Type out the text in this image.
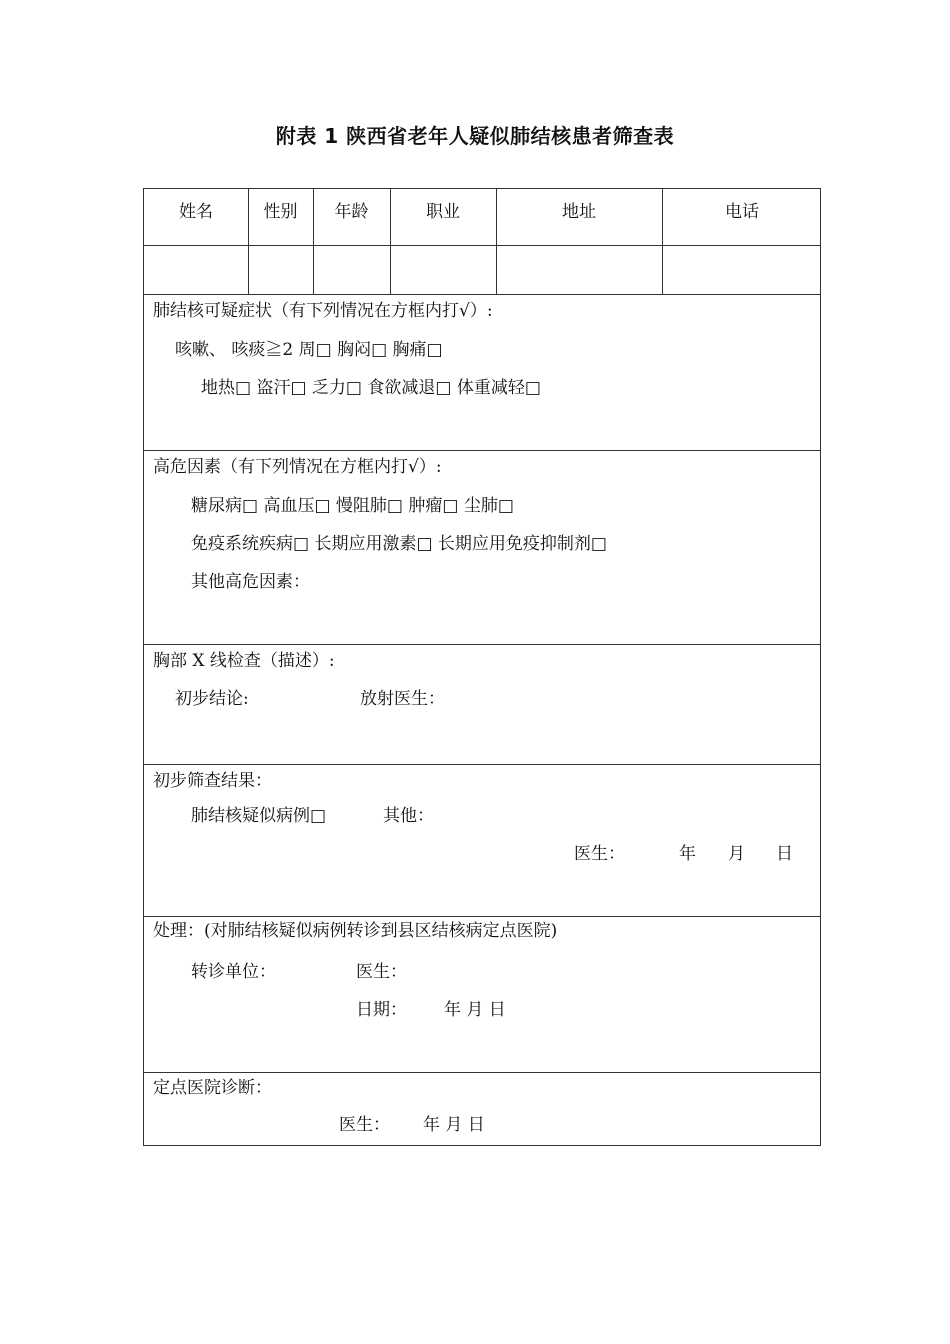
附表 1 陕西省老年人疑似肺结核患者筛查表
姓名	性别	年龄	职业	地址	电话
肺结核可疑症状（有下列情况在方框内打√）:
咳嗽、 咳痰≧2 周□ 胸闷□ 胸痛□
地热□ 盗汗□ 乏力□ 食欲减退□ 体重减轻□
高危因素（有下列情况在方框内打√）:
糖尿病□ 高血压□ 慢阻肺□ 肿瘤□ 尘肺□
免疫系统疾病□ 长期应用激素□ 长期应用免疫抑制剂□
其他高危因素：
胸部 X 线检查（描述）:
初步结论:	放射医生：
初步筛查结果：
肺结核疑似病例□	其他：
医生：	年 月 日
处理：(对肺结核疑似病例转诊到县区结核病定点医院)
转诊单位：	医生：
日期： 年 月 日
定点医院诊断：
医生： 年 月 日
